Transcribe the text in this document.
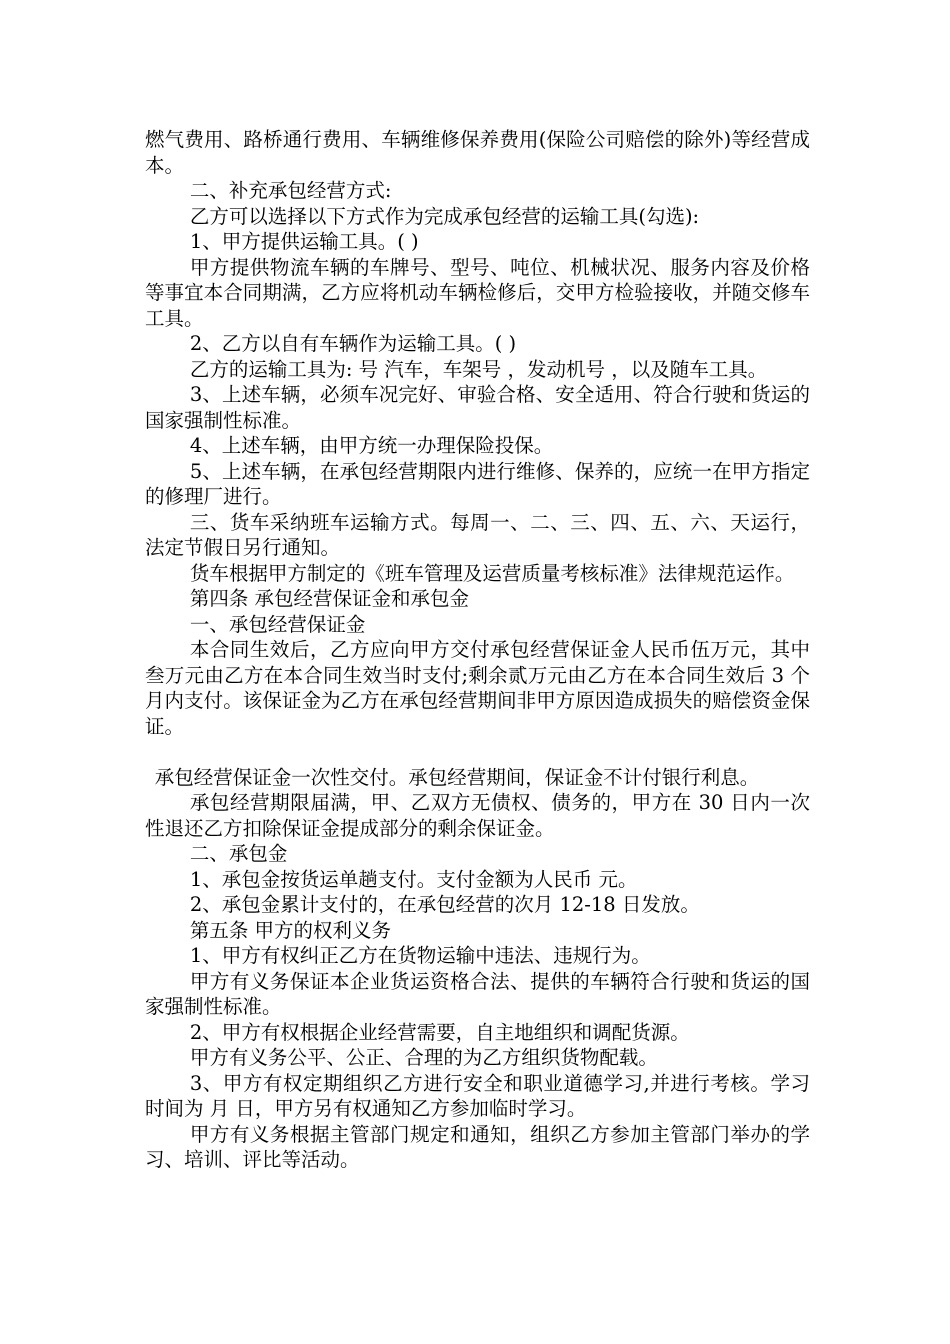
燃气费用、路桥通行费用、车辆维修保养费用(保险公司赔偿的除外)等经营成本。

二、补充承包经营方式:

乙方可以选择以下方式作为完成承包经营的运输工具(勾选):

1、甲方提供运输工具。( )

甲方提供物流车辆的车牌号、型号、吨位、机械状况、服务内容及价格等事宜本合同期满，乙方应将机动车辆检修后，交甲方检验接收，并随交修车工具。

2、乙方以自有车辆作为运输工具。( )

乙方的运输工具为: 号 汽车，车架号 ，发动机号 ，以及随车工具。

3、上述车辆，必须车况完好、审验合格、安全适用、符合行驶和货运的国家强制性标准。

4、上述车辆，由甲方统一办理保险投保。

5、上述车辆，在承包经营期限内进行维修、保养的，应统一在甲方指定的修理厂进行。

三、货车采纳班车运输方式。每周一、二、三、四、五、六、天运行，法定节假日另行通知。

货车根据甲方制定的《班车管理及运营质量考核标准》法律规范运作。

第四条 承包经营保证金和承包金

一、承包经营保证金

本合同生效后，乙方应向甲方交付承包经营保证金人民币伍万元，其中叁万元由乙方在本合同生效当时支付;剩余贰万元由乙方在本合同生效后 3 个月内支付。该保证金为乙方在承包经营期间非甲方原因造成损失的赔偿资金保证。

承包经营保证金一次性交付。承包经营期间，保证金不计付银行利息。

承包经营期限届满，甲、乙双方无债权、债务的，甲方在 30 日内一次性退还乙方扣除保证金提成部分的剩余保证金。

二、承包金

1、承包金按货运单趟支付。支付金额为人民币 元。

2、承包金累计支付的，在承包经营的次月 12-18 日发放。

第五条 甲方的权利义务

1、甲方有权纠正乙方在货物运输中违法、违规行为。

甲方有义务保证本企业货运资格合法、提供的车辆符合行驶和货运的国家强制性标准。

2、甲方有权根据企业经营需要，自主地组织和调配货源。

甲方有义务公平、公正、合理的为乙方组织货物配载。

3、甲方有权定期组织乙方进行安全和职业道德学习,并进行考核。学习时间为 月 日，甲方另有权通知乙方参加临时学习。

甲方有义务根据主管部门规定和通知，组织乙方参加主管部门举办的学习、培训、评比等活动。
